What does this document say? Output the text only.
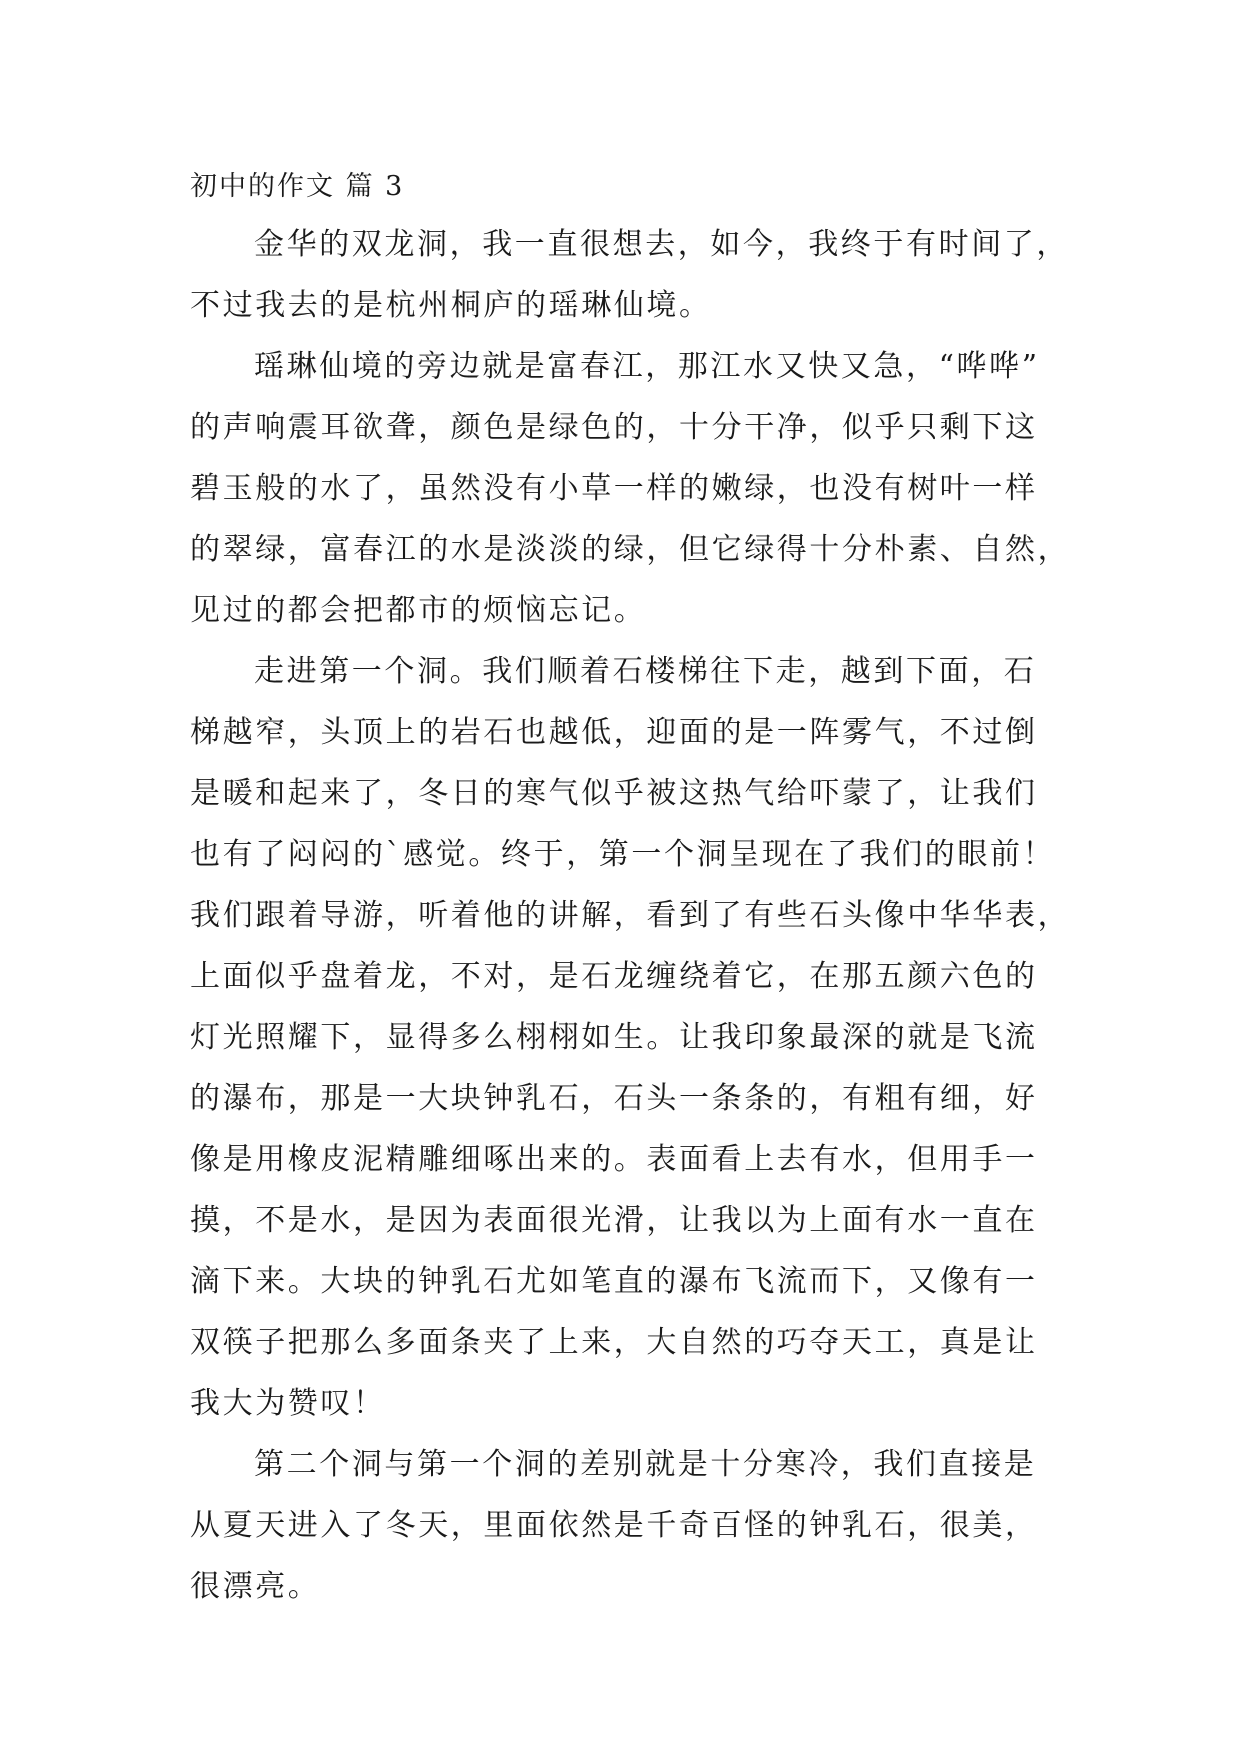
初中的作文 篇 3
金华的双龙洞，我一直很想去，如今，我终于有时间了，
不过我去的是杭州桐庐的瑶琳仙境。
瑶琳仙境的旁边就是富春江，那江水又快又急，“哗哗”
的声响震耳欲聋，颜色是绿色的，十分干净，似乎只剩下这
碧玉般的水了，虽然没有小草一样的嫩绿，也没有树叶一样
的翠绿，富春江的水是淡淡的绿，但它绿得十分朴素、自然，
见过的都会把都市的烦恼忘记。
走进第一个洞。我们顺着石楼梯往下走，越到下面，石
梯越窄，头顶上的岩石也越低，迎面的是一阵雾气，不过倒
是暖和起来了，冬日的寒气似乎被这热气给吓蒙了，让我们
也有了闷闷的`感觉。终于，第一个洞呈现在了我们的眼前！
我们跟着导游，听着他的讲解，看到了有些石头像中华华表，
上面似乎盘着龙，不对，是石龙缠绕着它，在那五颜六色的
灯光照耀下，显得多么栩栩如生。让我印象最深的就是飞流
的瀑布，那是一大块钟乳石，石头一条条的，有粗有细，好
像是用橡皮泥精雕细啄出来的。表面看上去有水，但用手一
摸，不是水，是因为表面很光滑，让我以为上面有水一直在
滴下来。大块的钟乳石尤如笔直的瀑布飞流而下，又像有一
双筷子把那么多面条夹了上来，大自然的巧夺天工，真是让
我大为赞叹！
第二个洞与第一个洞的差别就是十分寒冷，我们直接是
从夏天进入了冬天，里面依然是千奇百怪的钟乳石，很美，
很漂亮。
